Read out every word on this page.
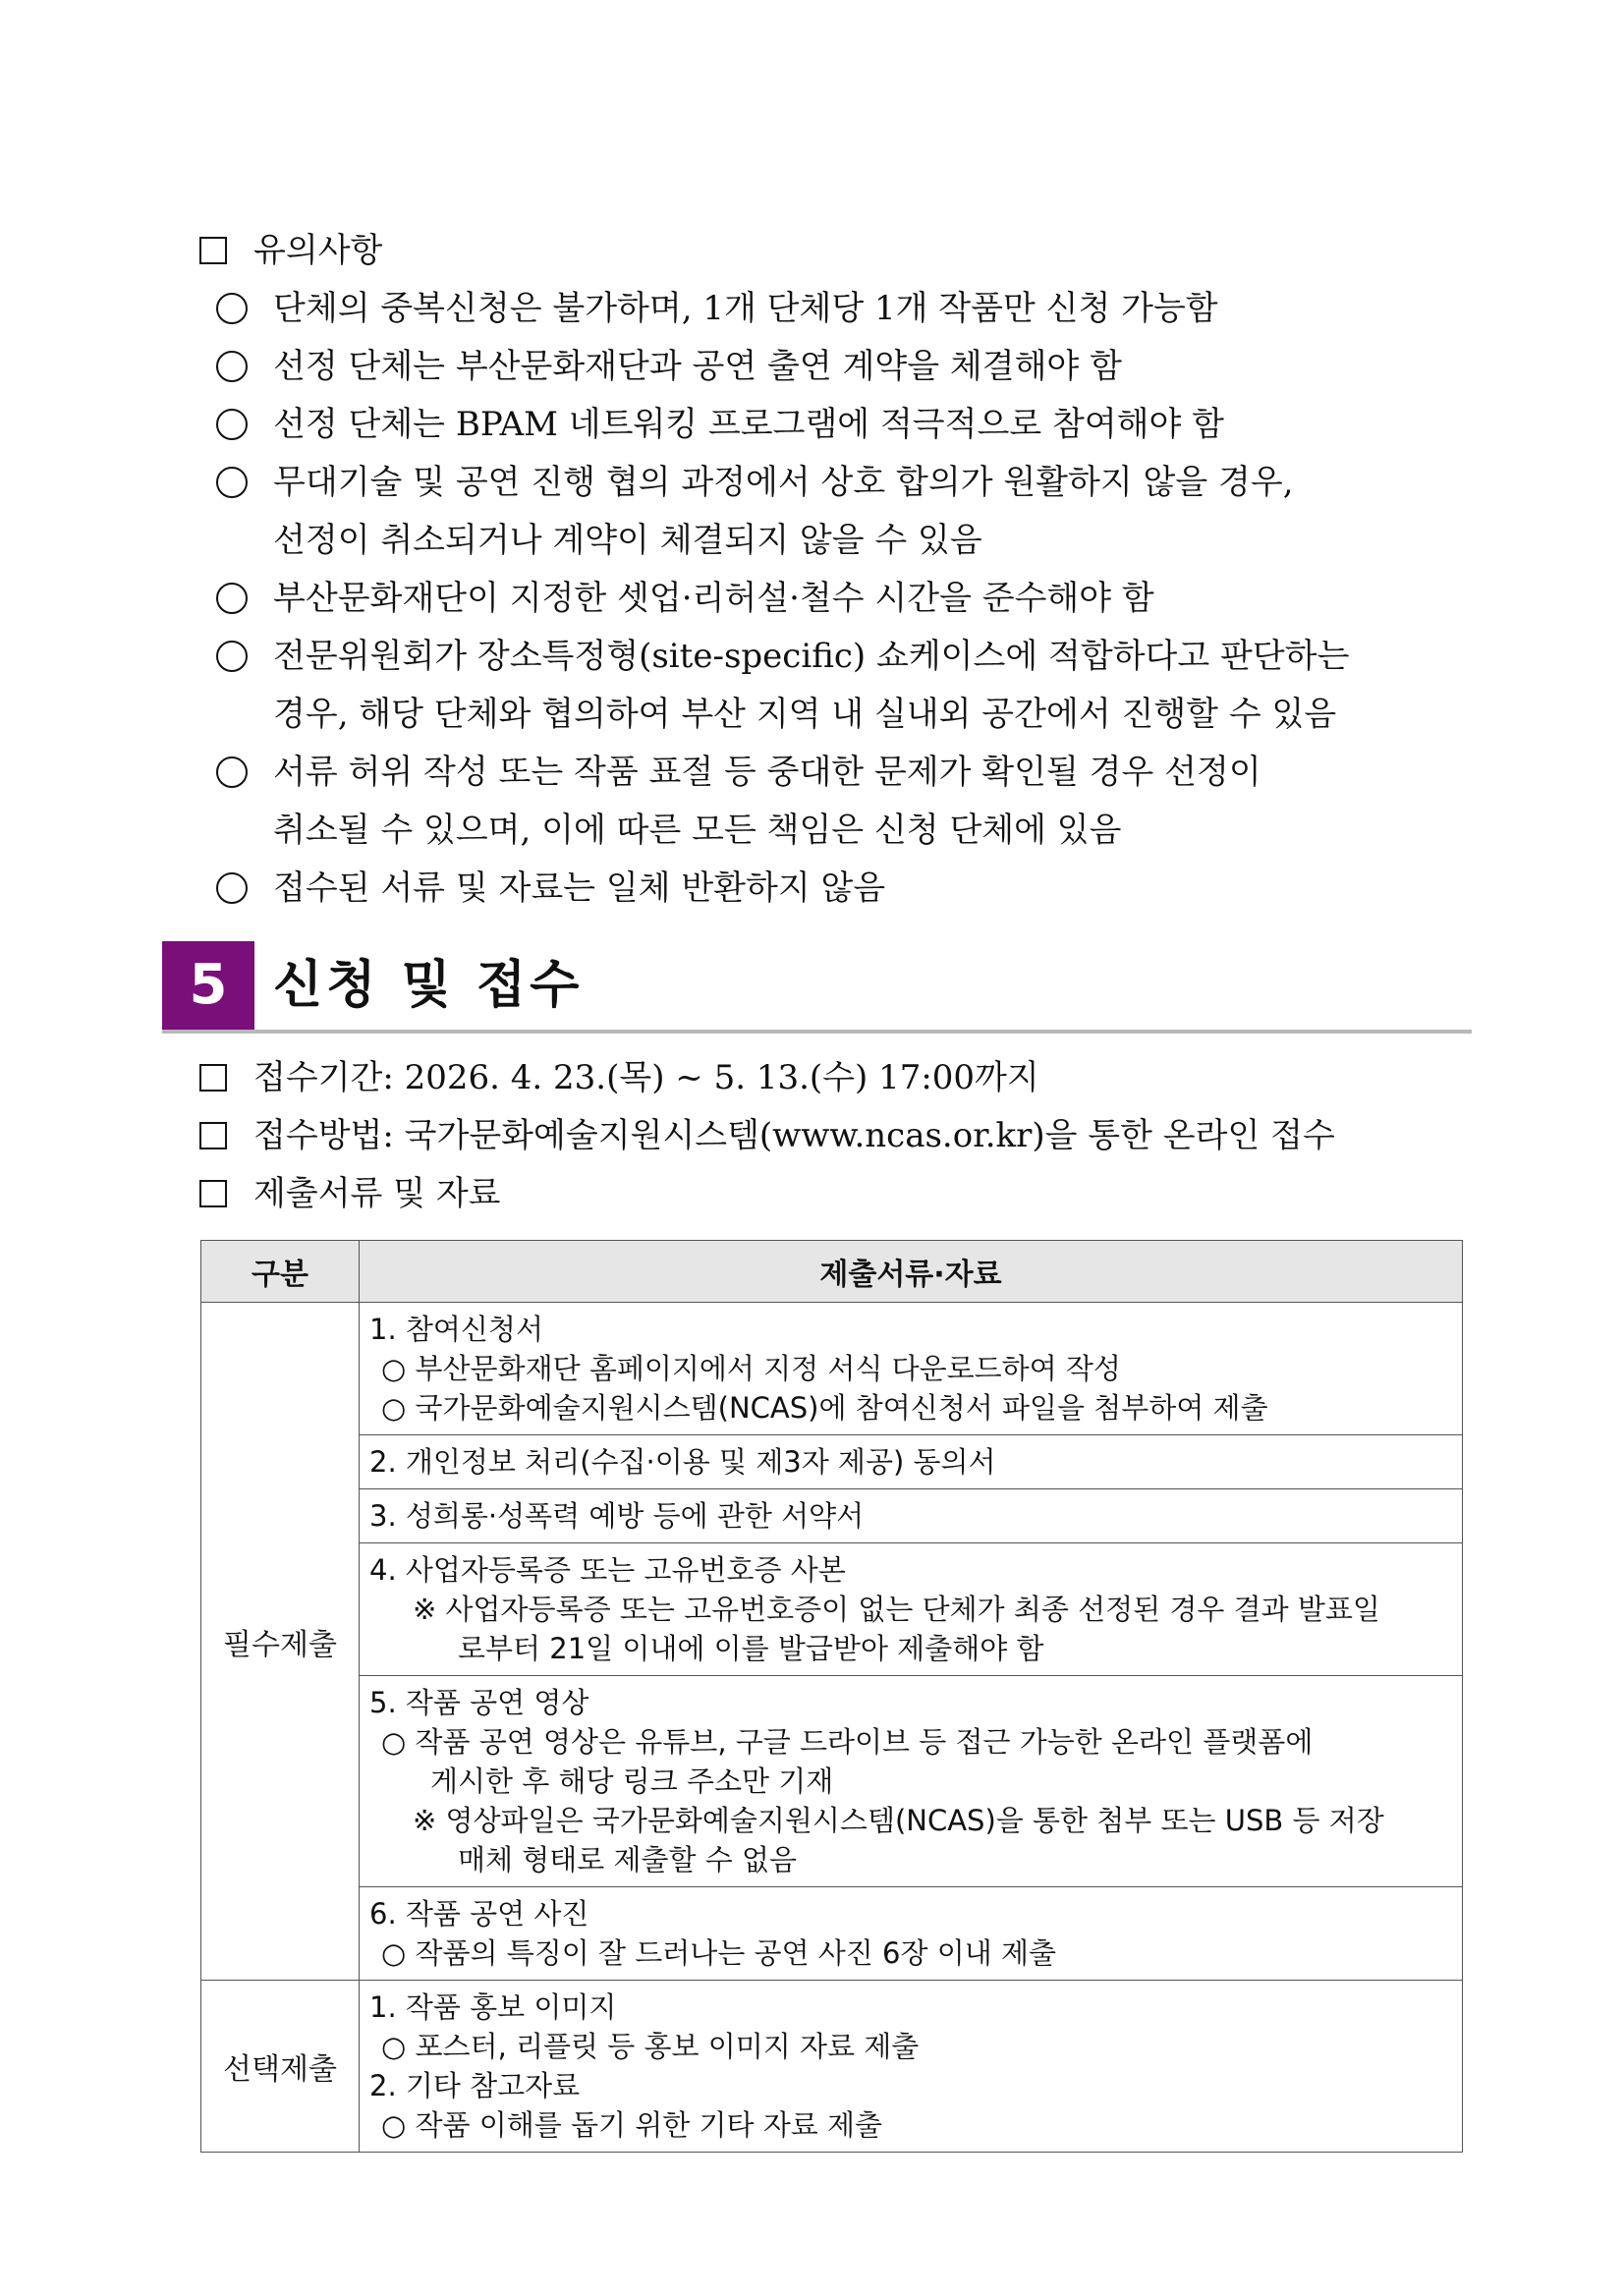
유의사항
단체의 중복신청은 불가하며, 1개 단체당 1개 작품만 신청 가능함
선정 단체는 부산문화재단과 공연 출연 계약을 체결해야 함
선정 단체는 BPAM 네트워킹 프로그램에 적극적으로 참여해야 함
무대기술 및 공연 진행 협의 과정에서 상호 합의가 원활하지 않을 경우,
선정이 취소되거나 계약이 체결되지 않을 수 있음
부산문화재단이 지정한 셋업·리허설·철수 시간을 준수해야 함
전문위원회가 장소특정형(site-specific) 쇼케이스에 적합하다고 판단하는
경우, 해당 단체와 협의하여 부산 지역 내 실내외 공간에서 진행할 수 있음
서류 허위 작성 또는 작품 표절 등 중대한 문제가 확인될 경우 선정이
취소될 수 있으며, 이에 따른 모든 책임은 신청 단체에 있음
접수된 서류 및 자료는 일체 반환하지 않음
5 신청 및 접수
접수기간: 2026. 4. 23.(목) ~ 5. 13.(수) 17:00까지
접수방법: 국가문화예술지원시스템(www.ncas.or.kr)을 통한 온라인 접수
제출서류 및 자료
구분	제출서류·자료
필수제출	1. 참여신청서
○ 부산문화재단 홈페이지에서 지정 서식 다운로드하여 작성
○ 국가문화예술지원시스템(NCAS)에 참여신청서 파일을 첨부하여 제출

	2. 개인정보 처리(수집·이용 및 제3자 제공) 동의서

	3. 성희롱·성폭력 예방 등에 관한 서약서

	4. 사업자등록증 또는 고유번호증 사본
※ 사업자등록증 또는 고유번호증이 없는 단체가 최종 선정된 경우 결과 발표일
로부터 21일 이내에 이를 발급받아 제출해야 함

	5. 작품 공연 영상
○ 작품 공연 영상은 유튜브, 구글 드라이브 등 접근 가능한 온라인 플랫폼에
게시한 후 해당 링크 주소만 기재
※ 영상파일은 국가문화예술지원시스템(NCAS)을 통한 첨부 또는 USB 등 저장
매체 형태로 제출할 수 없음

	6. 작품 공연 사진
○ 작품의 특징이 잘 드러나는 공연 사진 6장 이내 제출

선택제출	1. 작품 홍보 이미지
○ 포스터, 리플릿 등 홍보 이미지 자료 제출
2. 기타 참고자료
○ 작품 이해를 돕기 위한 기타 자료 제출
